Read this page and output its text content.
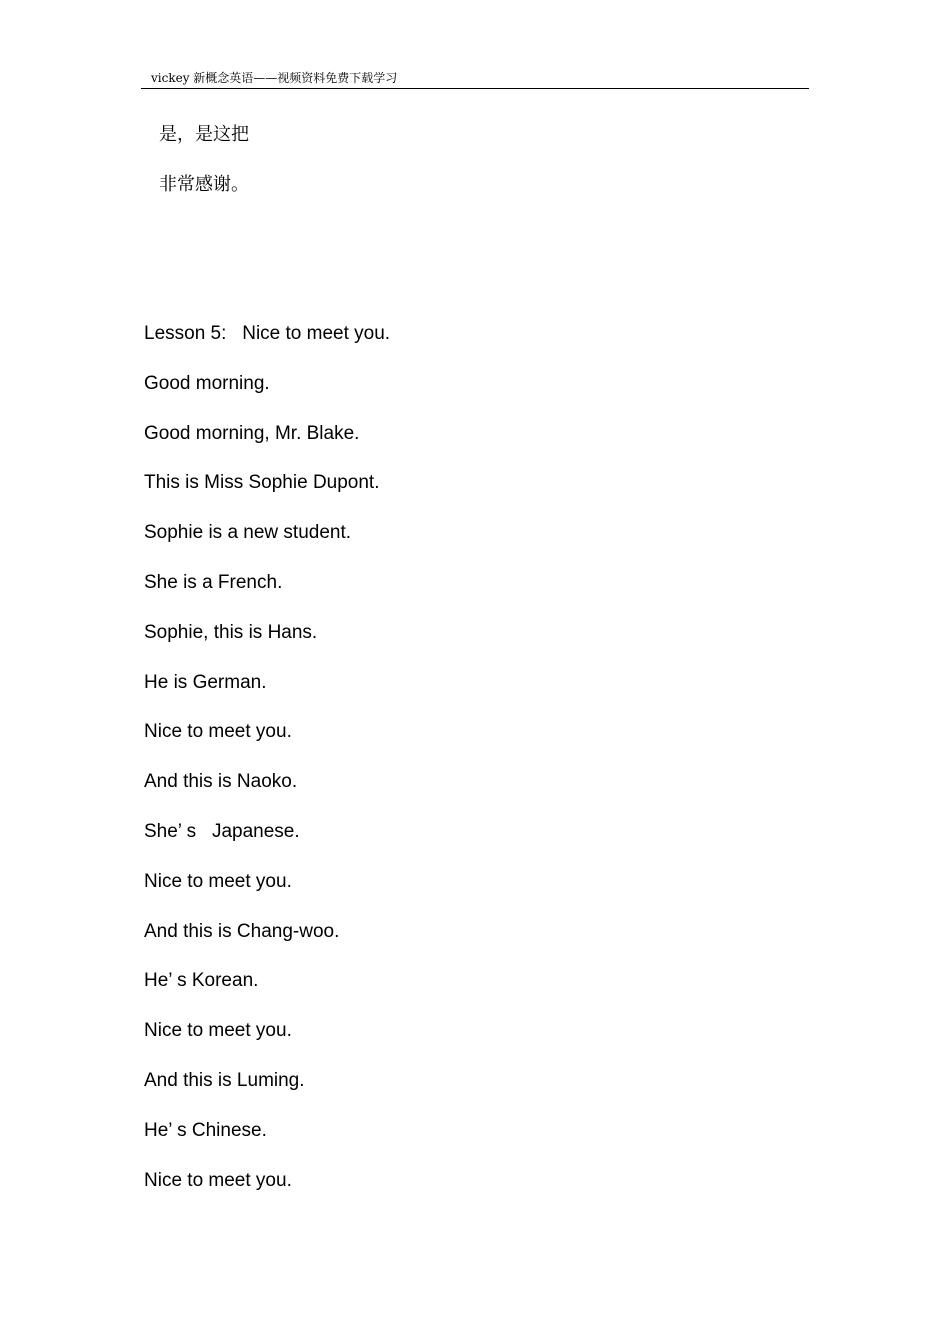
vickey 新概念英语——视频资料免费下载学习
是，是这把
非常感谢。
Lesson 5:   Nice to meet you.
Good morning.
Good morning, Mr. Blake.
This is Miss Sophie Dupont.
Sophie is a new student.
She is a French.
Sophie, this is Hans.
He is German.
Nice to meet you.
And this is Naoko.
She’ s   Japanese.
Nice to meet you.
And this is Chang-woo.
He’ s Korean.
Nice to meet you.
And this is Luming.
He’ s Chinese.
Nice to meet you.
